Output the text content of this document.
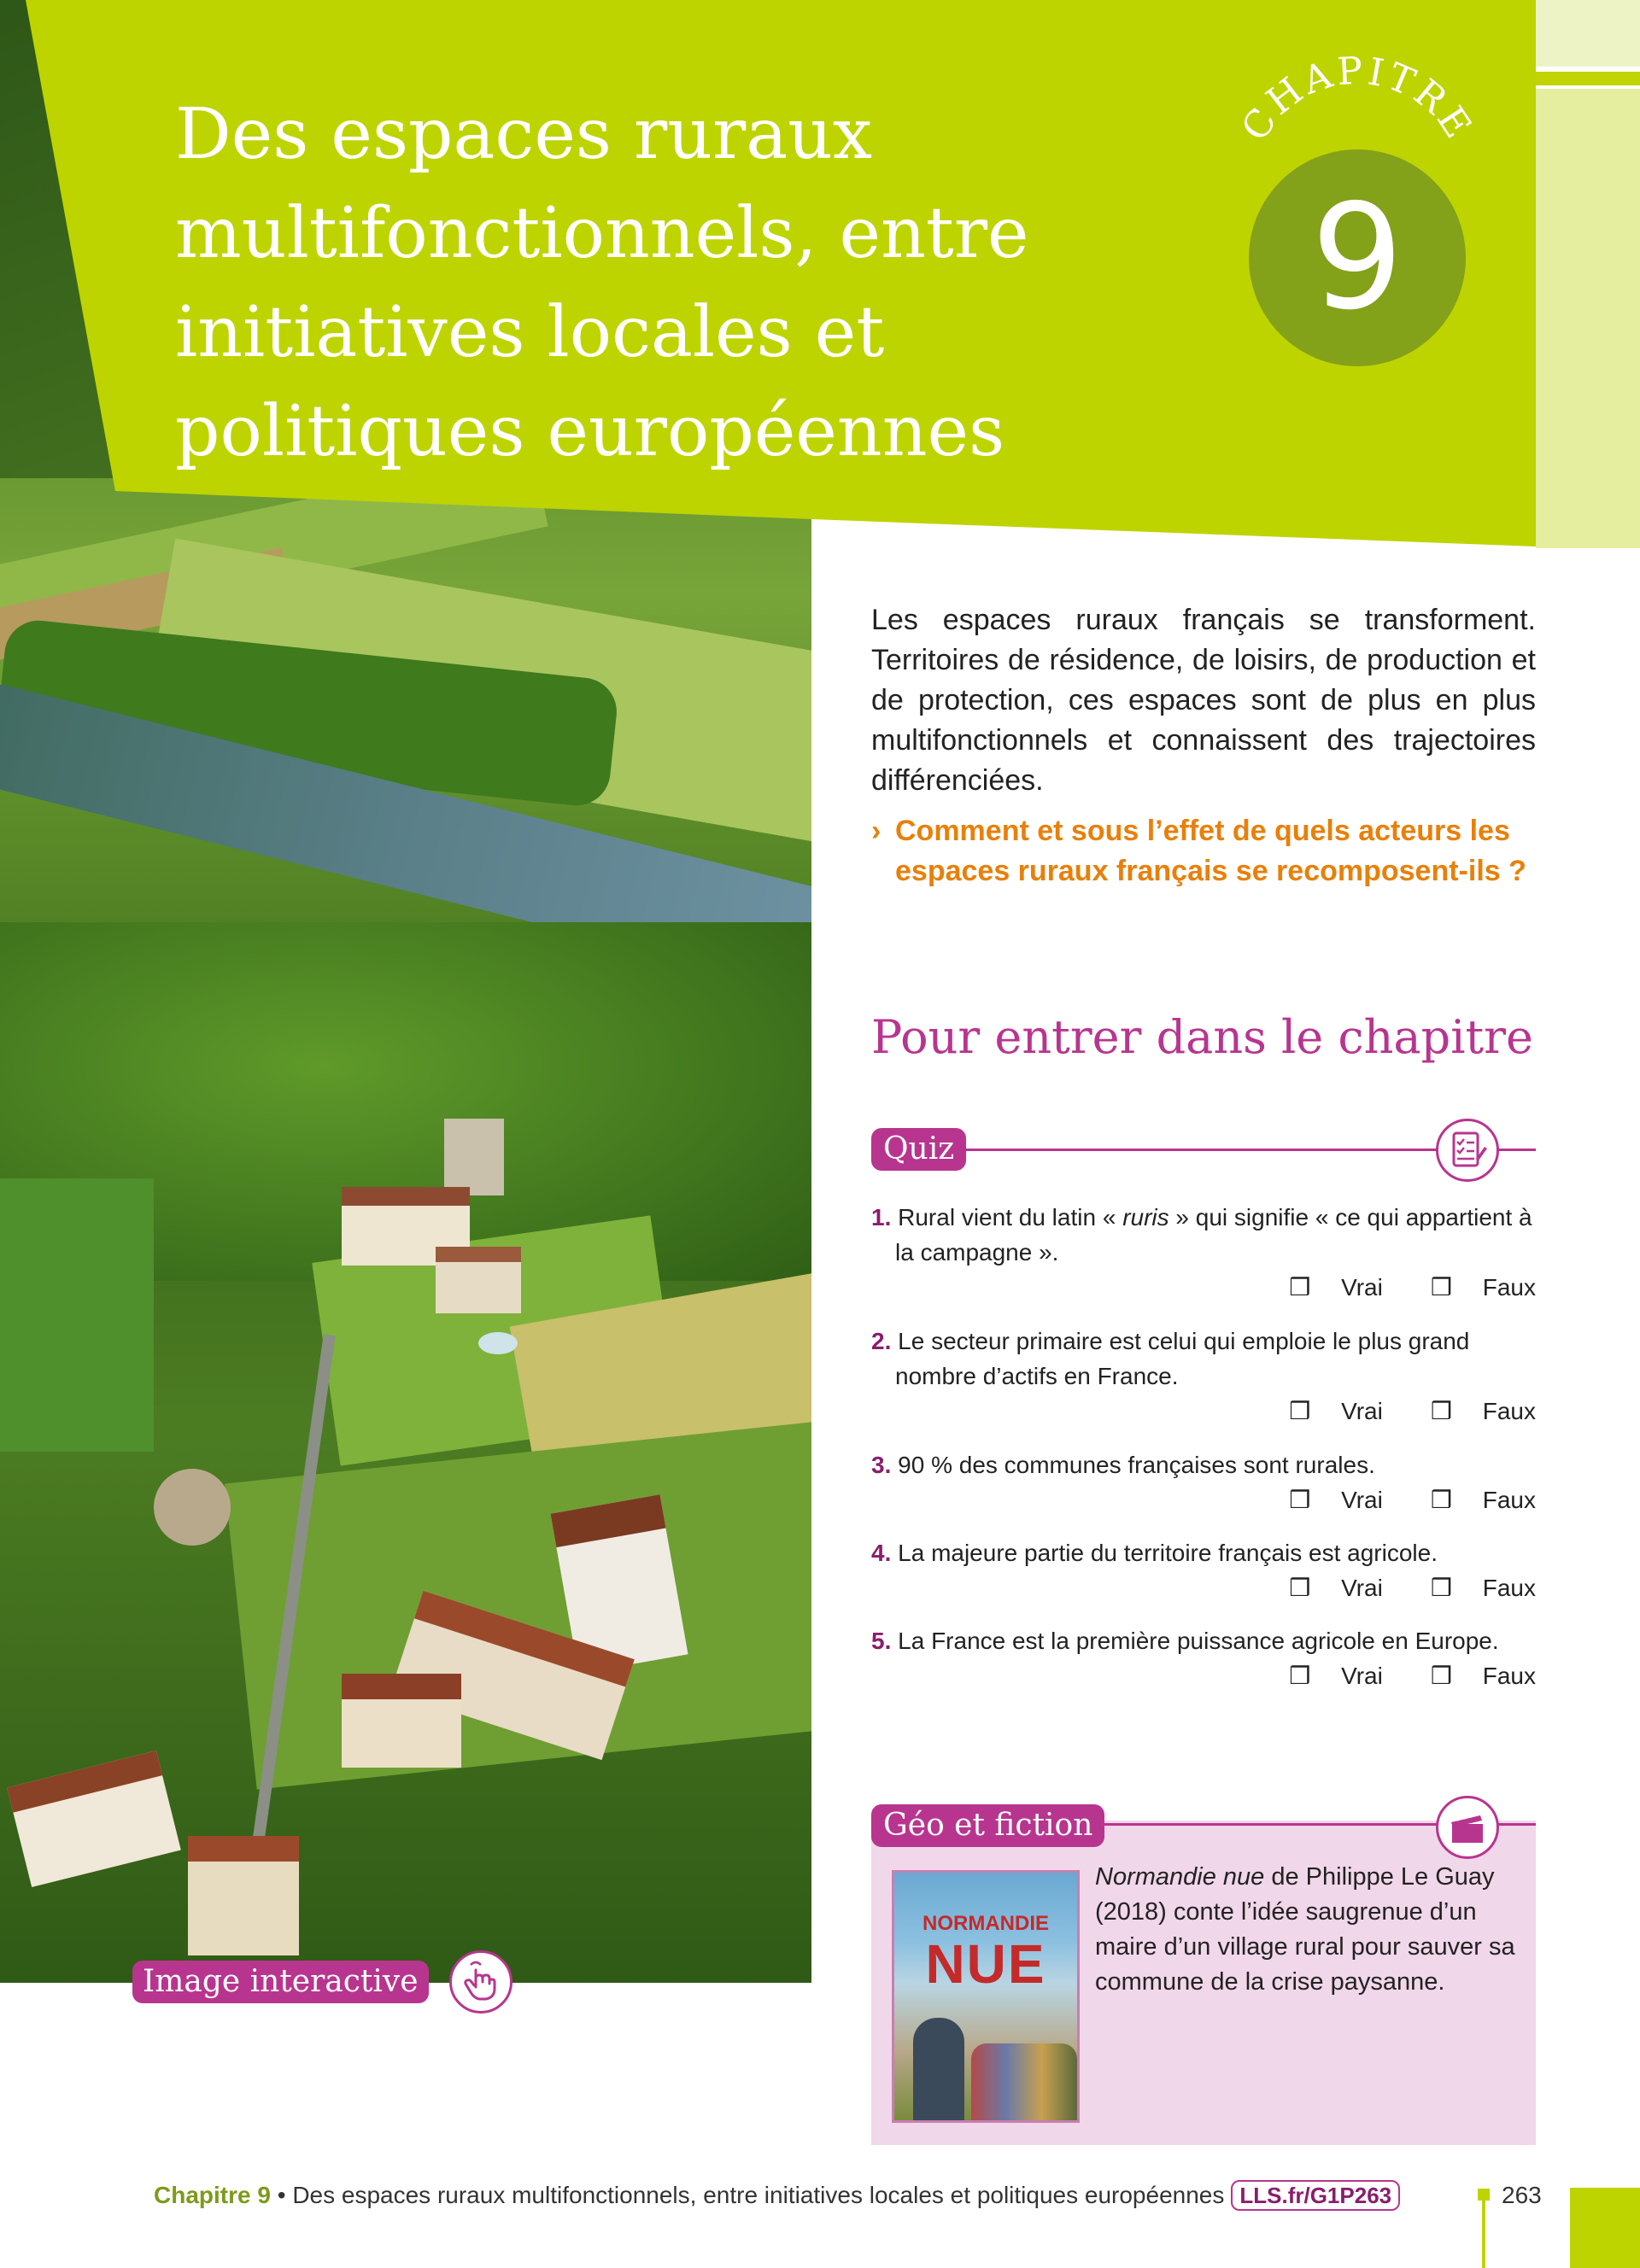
Des espaces ruraux
multifonctionnels, entre
initiatives locales et
politiques européennes
CHAPITRE
9

Les espaces ruraux français se transforment. Territoires de résidence, de loisirs, de production et de protection, ces espaces sont de plus en plus multifonctionnels et connaissent des trajectoires différenciées.

› Comment et sous l’effet de quels acteurs les espaces ruraux français se recomposent-ils ?
Pour entrer dans le chapitre
Quiz
1. Rural vient du latin « ruris » qui signifie « ce qui appartient à la campagne ».
❒ Vrai ❒ Faux
2. Le secteur primaire est celui qui emploie le plus grand nombre d’actifs en France.
❒ Vrai ❒ Faux
3. 90 % des communes françaises sont rurales.
❒ Vrai ❒ Faux
4. La majeure partie du territoire français est agricole.
❒ Vrai ❒ Faux
5. La France est la première puissance agricole en Europe.
❒ Vrai ❒ Faux
Géo et fiction
NORMANDIE
NUE

Normandie nue de Philippe Le Guay (2018) conte l’idée saugrenue d’un maire d’un village rural pour sauver sa commune de la crise paysanne.

Image interactive
Chapitre 9 • Des espaces ruraux multifonctionnels, entre initiatives locales et politiques européennes LLS.fr/G1P263	263
